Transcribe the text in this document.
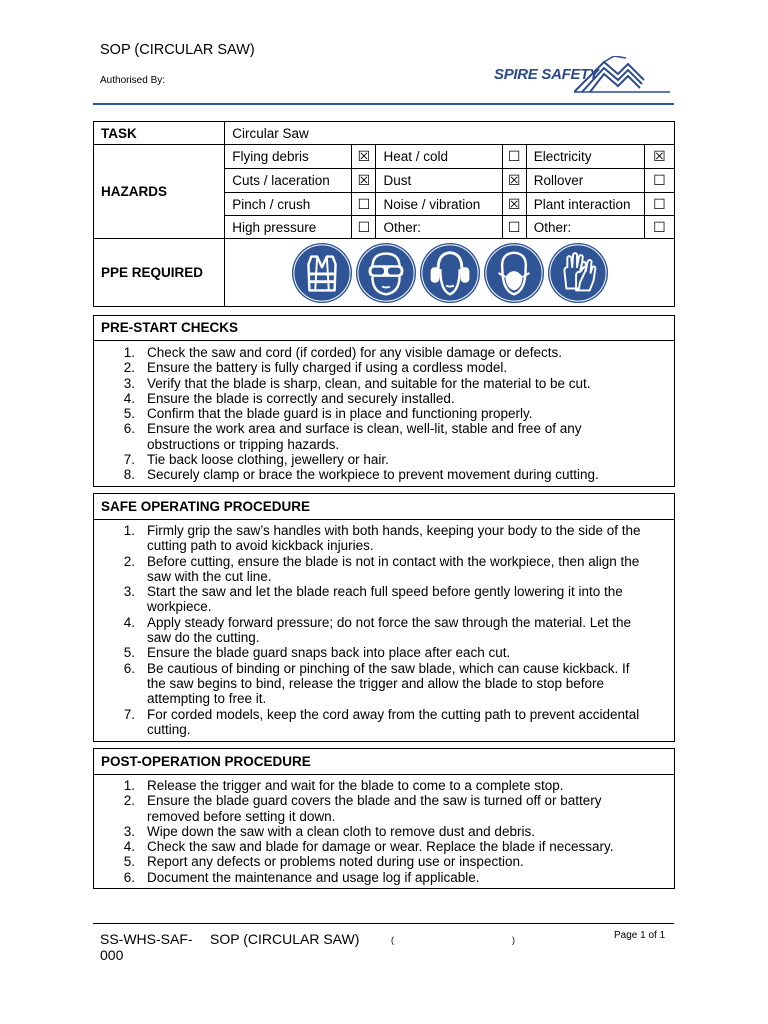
SOP (CIRCULAR SAW)
Authorised By:	SPIRE SAFETY
TASK	Circular Saw					
HAZARDS	Flying debris	☒	Heat / cold	☐	Electricity	☒
	Cuts / laceration	☒	Dust	☒	Rollover	☐
	Pinch / crush	☐	Noise / vibration	☒	Plant interaction	☐
	High pressure	☐	Other:	☐	Other:	☐
PPE REQUIRED	
PRE-START CHECKS
1. Check the saw and cord (if corded) for any visible damage or defects.
2. Ensure the battery is fully charged if using a cordless model.
3. Verify that the blade is sharp, clean, and suitable for the material to be cut.
4. Ensure the blade is correctly and securely installed.
5. Confirm that the blade guard is in place and functioning properly.
6. Ensure the work area and surface is clean, well-lit, stable and free of any
obstructions or tripping hazards.
7. Tie back loose clothing, jewellery or hair.
8. Securely clamp or brace the workpiece to prevent movement during cutting.
SAFE OPERATING PROCEDURE
1. Firmly grip the saw’s handles with both hands, keeping your body to the side of the
cutting path to avoid kickback injuries.
2. Before cutting, ensure the blade is not in contact with the workpiece, then align the
saw with the cut line.
3. Start the saw and let the blade reach full speed before gently lowering it into the
workpiece.
4. Apply steady forward pressure; do not force the saw through the material. Let the
saw do the cutting.
5. Ensure the blade guard snaps back into place after each cut.
6. Be cautious of binding or pinching of the saw blade, which can cause kickback. If
the saw begins to bind, release the trigger and allow the blade to stop before
attempting to free it.
7. For corded models, keep the cord away from the cutting path to prevent accidental
cutting.
POST-OPERATION PROCEDURE
1. Release the trigger and wait for the blade to come to a complete stop.
2. Ensure the blade guard covers the blade and the saw is turned off or battery
removed before setting it down.
3. Wipe down the saw with a clean cloth to remove dust and debris.
4. Check the saw and blade for damage or wear. Replace the blade if necessary.
5. Report any defects or problems noted during use or inspection.
6. Document the maintenance and usage log if applicable.
SS-WHS-SAF-000
SOP (CIRCULAR SAW)	(	)	Page 1 of 1
